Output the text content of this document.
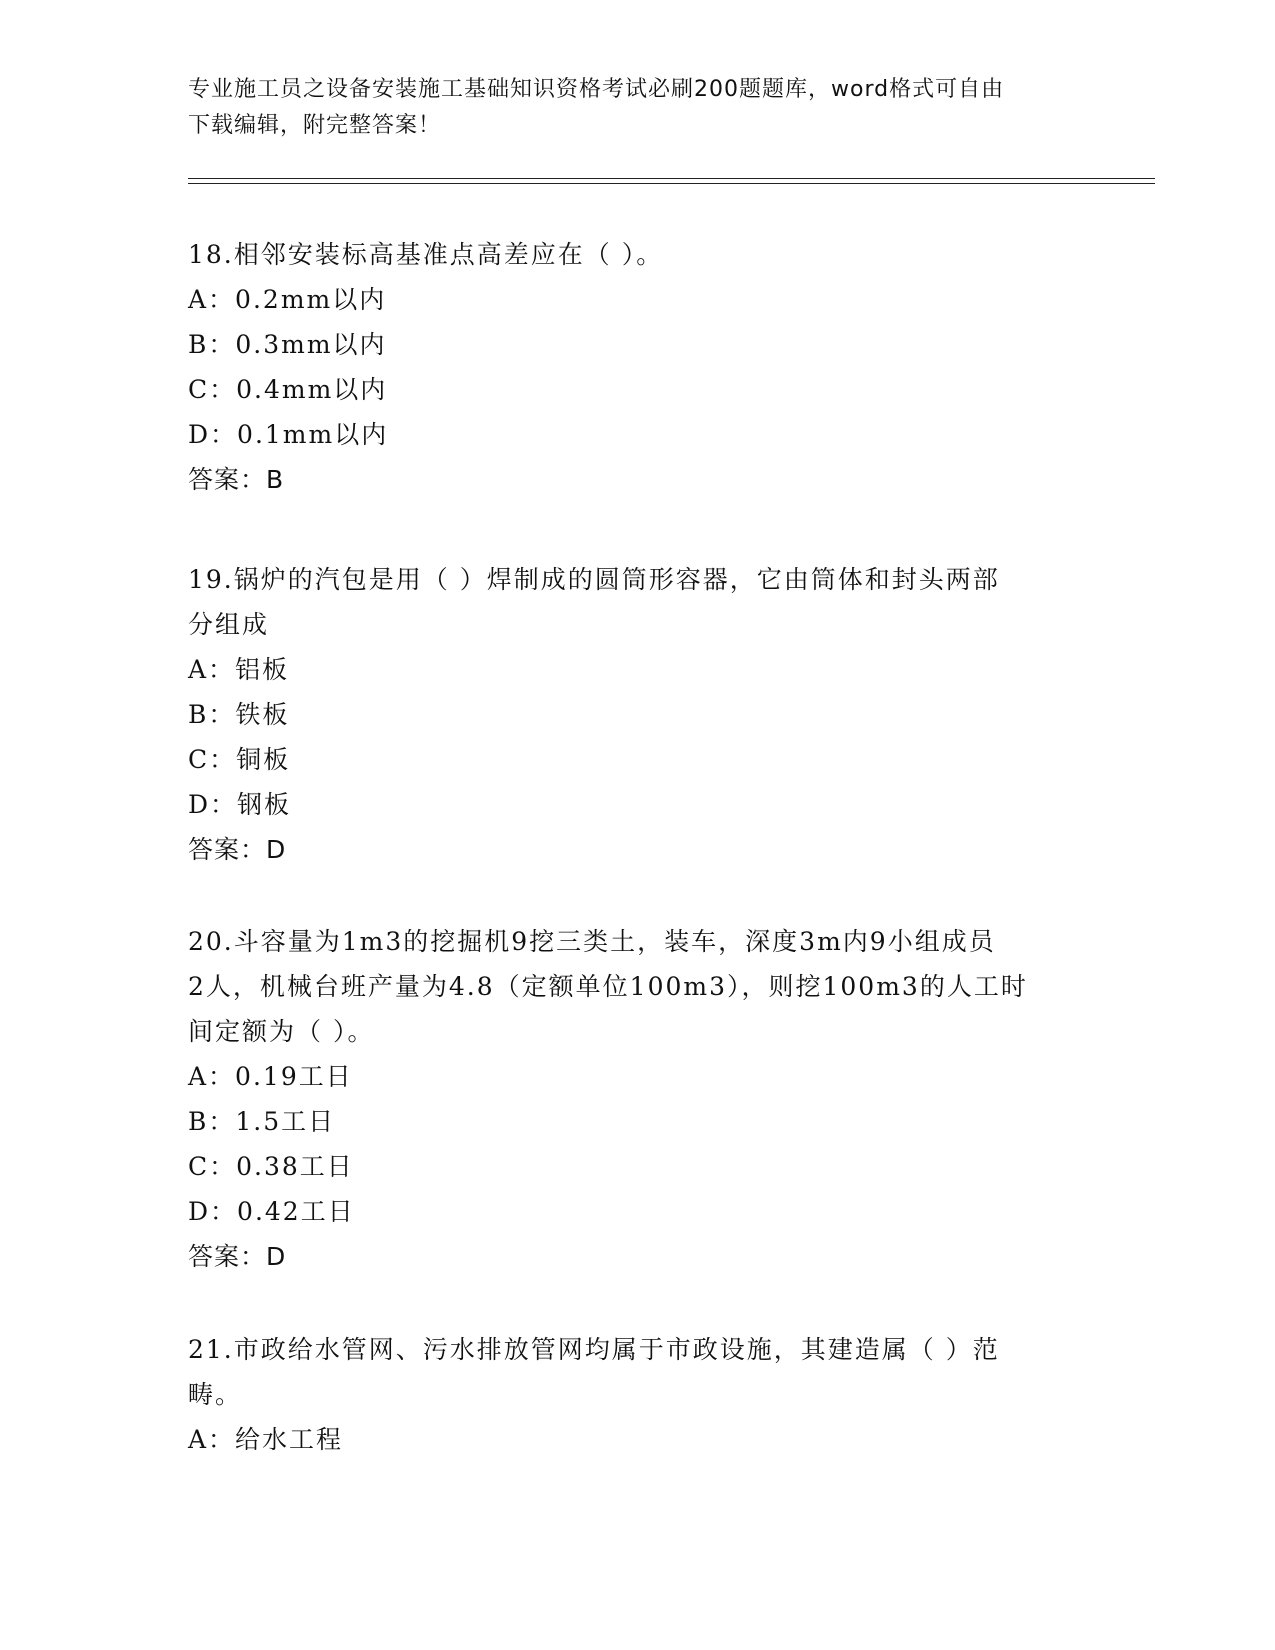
专业施工员之设备安装施工基础知识资格考试必刷200题题库，word格式可自由
下载编辑，附完整答案！
18.相邻安装标高基准点高差应在（ ）。
A：0.2mm以内
B：0.3mm以内
C：0.4mm以内
D：0.1mm以内
答案：B
19.锅炉的汽包是用（ ）焊制成的圆筒形容器，它由筒体和封头两部
分组成
A：铝板
B：铁板
C：铜板
D：钢板
答案：D
20.斗容量为1m3的挖掘机9挖三类土，装车，深度3m内9小组成员
2人，机械台班产量为4.8（定额单位100m3），则挖100m3的人工时
间定额为（ ）。
A：0.19工日
B：1.5工日
C：0.38工日
D：0.42工日
答案：D
21.市政给水管网、污水排放管网均属于市政设施，其建造属（ ）范
畴。
A：给水工程
